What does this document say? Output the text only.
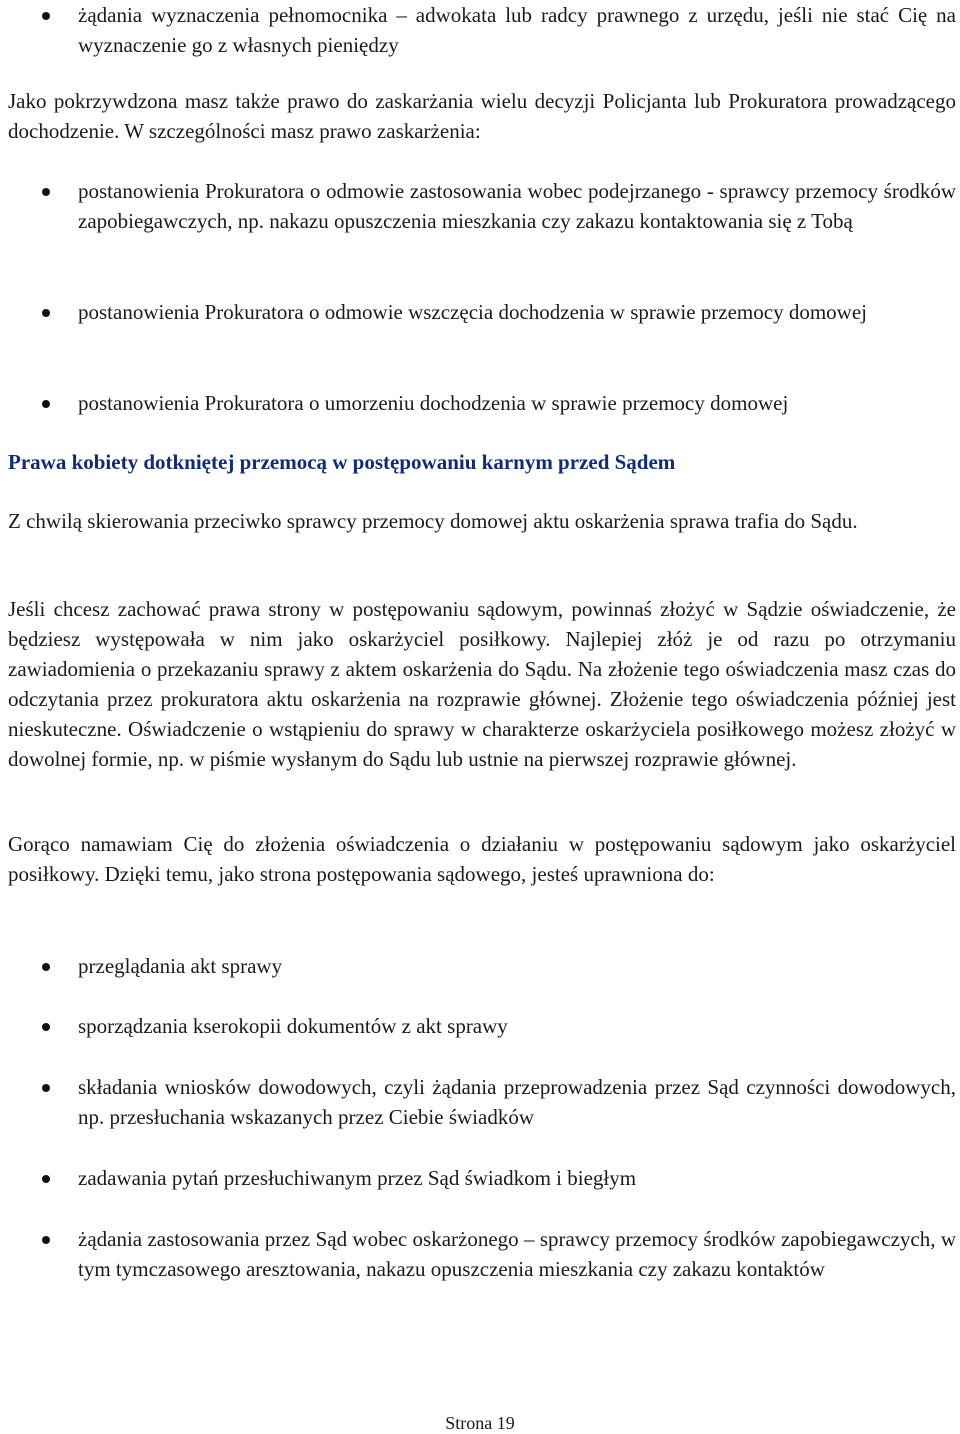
żądania wyznaczenia pełnomocnika – adwokata lub radcy prawnego z urzędu, jeśli nie stać Cię na wyznaczenie go z własnych pieniędzy

Jako pokrzywdzona masz także prawo do zaskarżania wielu decyzji Policjanta lub Prokuratora prowadzącego dochodzenie. W szczególności masz prawo zaskarżenia:

postanowienia Prokuratora o odmowie zastosowania wobec podejrzanego - sprawcy przemocy środków zapobiegawczych, np. nakazu opuszczenia mieszkania czy zakazu kontaktowania się z Tobą

postanowienia Prokuratora o odmowie wszczęcia dochodzenia w sprawie przemocy domowej

postanowienia Prokuratora o umorzeniu dochodzenia w sprawie przemocy domowej

Prawa kobiety dotkniętej przemocą w postępowaniu karnym przed Sądem

Z chwilą skierowania przeciwko sprawcy przemocy domowej aktu oskarżenia sprawa trafia do Sądu.

Jeśli chcesz zachować prawa strony w postępowaniu sądowym, powinnaś złożyć w Sądzie oświadczenie, że będziesz występowała w nim jako oskarżyciel posiłkowy. Najlepiej złóż je od razu po otrzymaniu zawiadomienia o przekazaniu sprawy z aktem oskarżenia do Sądu. Na złożenie tego oświadczenia masz czas do odczytania przez prokuratora aktu oskarżenia na rozprawie głównej. Złożenie tego oświadczenia później jest nieskuteczne. Oświadczenie o wstąpieniu do sprawy w charakterze oskarżyciela posiłkowego możesz złożyć w dowolnej formie, np. w piśmie wysłanym do Sądu lub ustnie na pierwszej rozprawie głównej.

Gorąco namawiam Cię do złożenia oświadczenia o działaniu w postępowaniu sądowym jako oskarżyciel posiłkowy. Dzięki temu, jako strona postępowania sądowego, jesteś uprawniona do:

przeglądania akt sprawy

sporządzania kserokopii dokumentów z akt sprawy

składania wniosków dowodowych, czyli żądania przeprowadzenia przez Sąd czynności dowodowych, np. przesłuchania wskazanych przez Ciebie świadków

zadawania pytań przesłuchiwanym przez Sąd świadkom i biegłym

żądania zastosowania przez Sąd wobec oskarżonego – sprawcy przemocy środków zapobiegawczych, w tym tymczasowego aresztowania, nakazu opuszczenia mieszkania czy zakazu kontaktów

Strona 19
